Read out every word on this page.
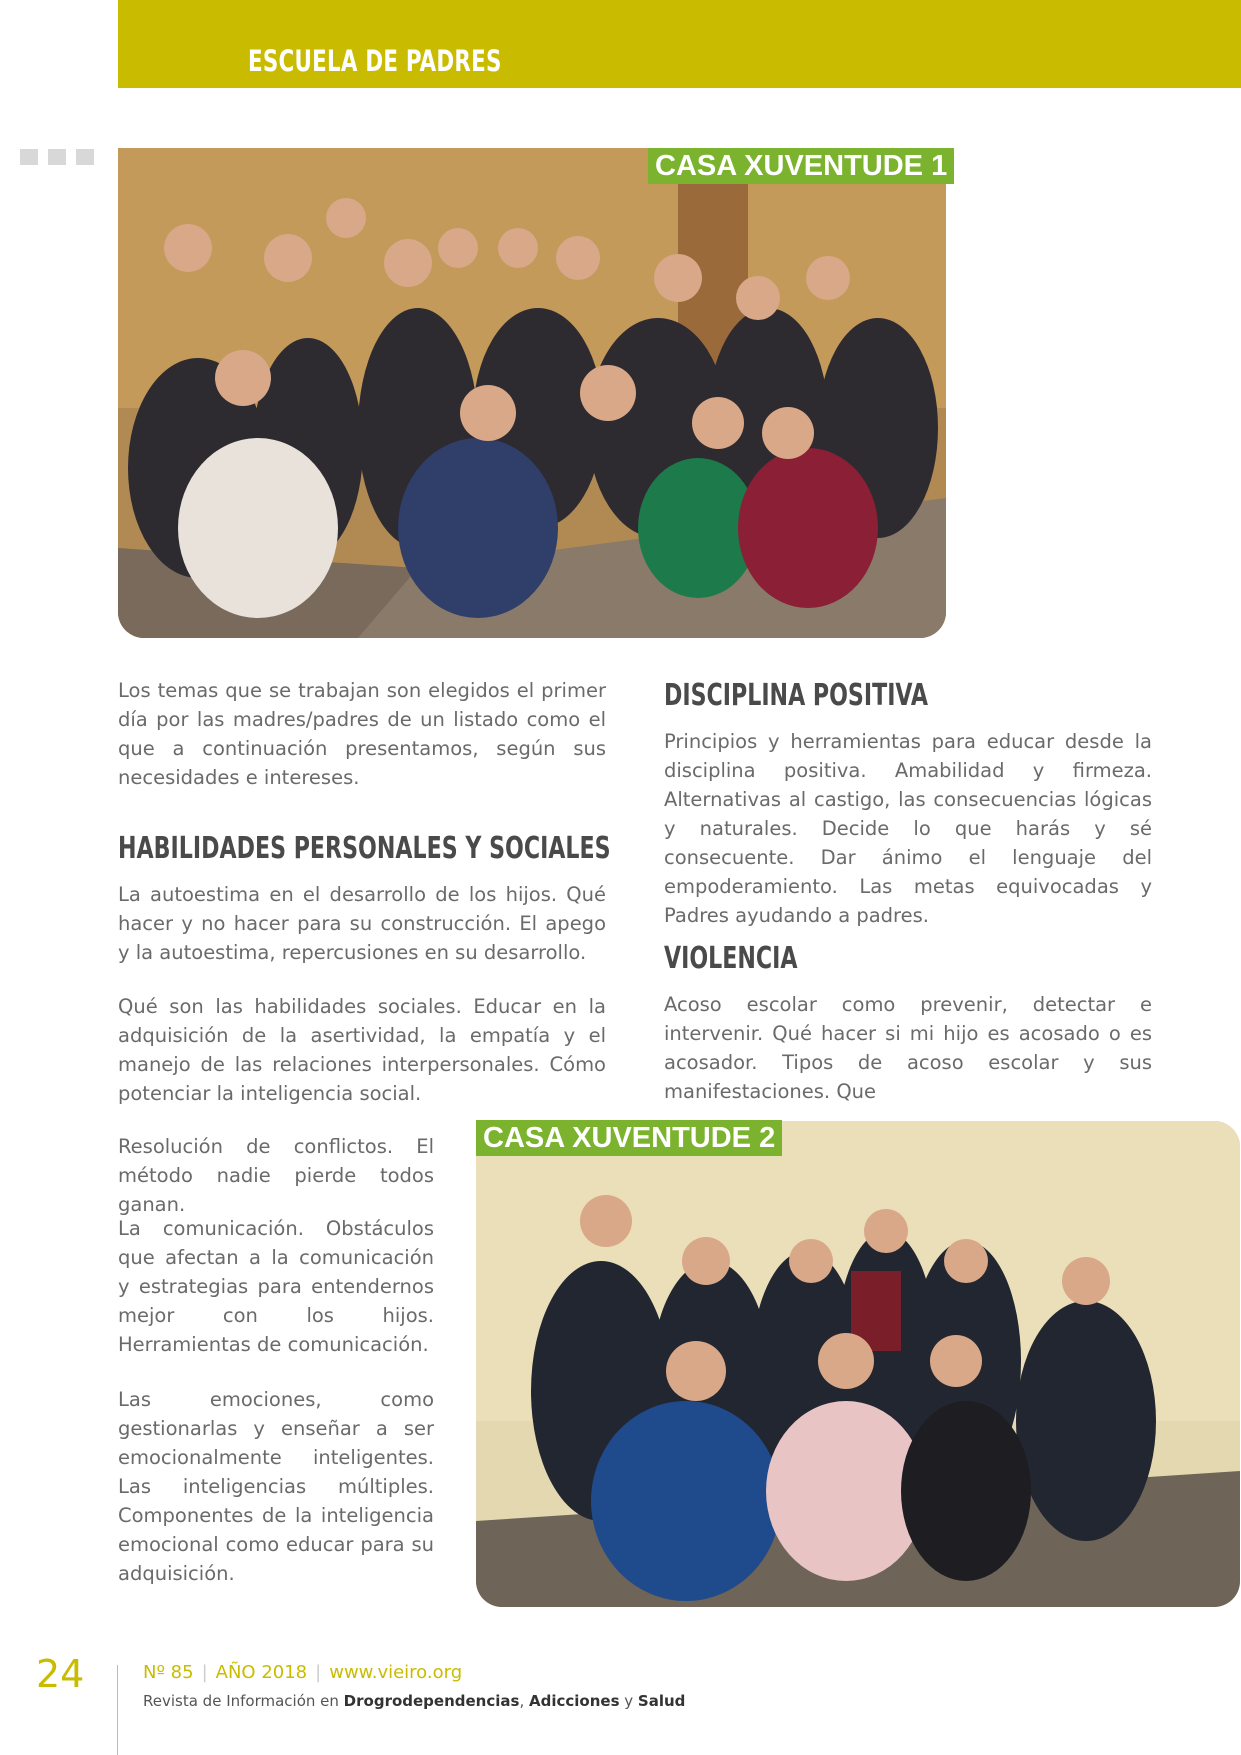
ESCUELA DE PADRES
CASA XUVENTUDE 1

Los temas que se trabajan son elegidos el primer día por las madres/padres de un listado como el que a continuación presentamos, según sus necesidades e intereses.

HABILIDADES PERSONALES Y SOCIALES

La autoestima en el desarrollo de los hijos. Qué hacer y no hacer para su construcción. El apego y la autoestima, repercusiones en su desarrollo.

Qué son las habilidades sociales. Educar en la adquisición de la asertividad, la empatía y el manejo de las relaciones interpersonales. Cómo potenciar la inteligencia social.

Resolución de conflictos. El método nadie pierde todos ganan.

La comunicación. Obstáculos que afectan a la comunicación y estrategias para entendernos mejor con los hijos. Herramientas de comunicación.

Las emociones, como gestionarlas y enseñar a ser emocionalmente inteligentes. Las inteligencias múltiples. Componentes de la inteligencia emocional como educar para su adquisición.

DISCIPLINA POSITIVA

Principios y herramientas para educar desde la disciplina positiva. Amabilidad y firmeza. Alternativas al castigo, las consecuencias lógicas y naturales. Decide lo que harás y sé consecuente. Dar ánimo el lenguaje del empoderamiento. Las metas equivocadas y Padres ayudando a padres.

VIOLENCIA

Acoso escolar como prevenir, detectar e intervenir. Qué hacer si mi hijo es acosado o es acosador. Tipos de acoso escolar y sus manifestaciones. Que

CASA XUVENTUDE 2
24	Nº 85 | AÑO 2018 | www.vieiro.org
Revista de Información en Drogrodependencias, Adicciones y Salud
